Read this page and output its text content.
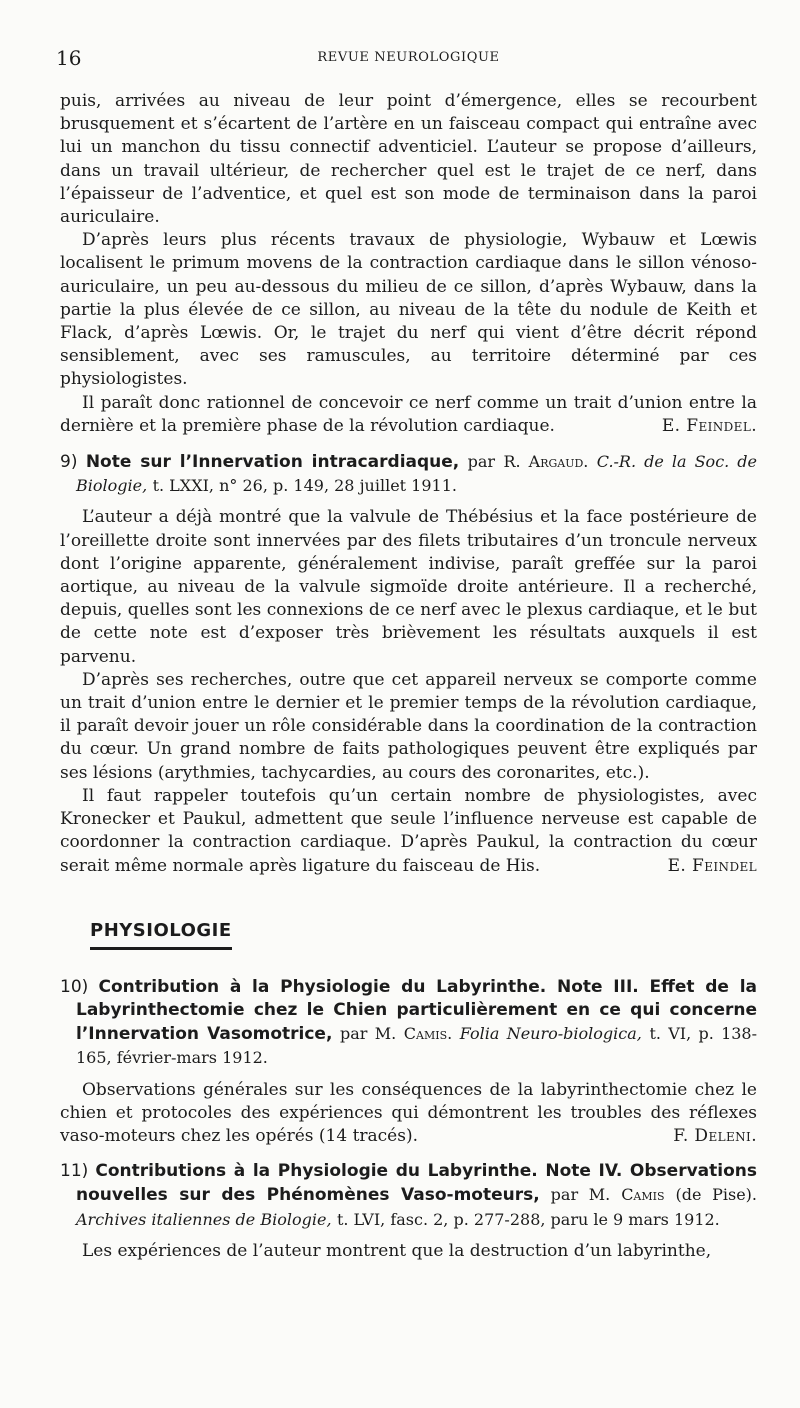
16	REVUE NEUROLOGIQUE

puis, arrivées au niveau de leur point d’émergence, elles se recourbent brusquement et s’écartent de l’artère en un faisceau compact qui entraîne avec lui un manchon du tissu connectif adventiciel. L’auteur se propose d’ailleurs, dans un travail ultérieur, de rechercher quel est le trajet de ce nerf, dans l’épaisseur de l’adventice, et quel est son mode de terminaison dans la paroi auriculaire.

D’après leurs plus récents travaux de physiologie, Wybauw et Lœwis localisent le primum movens de la contraction cardiaque dans le sillon vénoso-auriculaire, un peu au-dessous du milieu de ce sillon, d’après Wybauw, dans la partie la plus élevée de ce sillon, au niveau de la tête du nodule de Keith et Flack, d’après Lœwis. Or, le trajet du nerf qui vient d’être décrit répond sensiblement, avec ses ramuscules, au territoire déterminé par ces physiologistes.

Il paraît donc rationnel de concevoir ce nerf comme un trait d’union entre la dernière et la première phase de la révolution cardiaque.	E. Feindel.

9) Note sur l’Innervation intracardiaque, par R. Argaud. C.-R. de la Soc. de Biologie, t. LXXI, n° 26, p. 149, 28 juillet 1911.

L’auteur a déjà montré que la valvule de Thébésius et la face postérieure de l’oreillette droite sont innervées par des filets tributaires d’un troncule nerveux dont l’origine apparente, généralement indivise, paraît greffée sur la paroi aortique, au niveau de la valvule sigmoïde droite antérieure. Il a recherché, depuis, quelles sont les connexions de ce nerf avec le plexus cardiaque, et le but de cette note est d’exposer très brièvement les résultats auxquels il est parvenu.

D’après ses recherches, outre que cet appareil nerveux se comporte comme un trait d’union entre le dernier et le premier temps de la révolution cardiaque, il paraît devoir jouer un rôle considérable dans la coordination de la contraction du cœur. Un grand nombre de faits pathologiques peuvent être expliqués par ses lésions (arythmies, tachycardies, au cours des coronarites, etc.).

Il faut rappeler toutefois qu’un certain nombre de physiologistes, avec Kronecker et Paukul, admettent que seule l’influence nerveuse est capable de coordonner la contraction cardiaque. D’après Paukul, la contraction du cœur serait même normale après ligature du faisceau de His.	E. Feindel

PHYSIOLOGIE
10) Contribution à la Physiologie du Labyrinthe. Note III. Effet de la Labyrinthectomie chez le Chien particulièrement en ce qui concerne l’Innervation Vasomotrice, par M. Camis. Folia Neuro-biologica, t. VI, p. 138-165, février-mars 1912.

Observations générales sur les conséquences de la labyrinthectomie chez le chien et protocoles des expériences qui démontrent les troubles des réflexes vaso-moteurs chez les opérés (14 tracés).	F. Deleni.

11) Contributions à la Physiologie du Labyrinthe. Note IV. Observations nouvelles sur des Phénomènes Vaso-moteurs, par M. Camis (de Pise). Archives italiennes de Biologie, t. LVI, fasc. 2, p. 277-288, paru le 9 mars 1912.

Les expériences de l’auteur montrent que la destruction d’un labyrinthe,
